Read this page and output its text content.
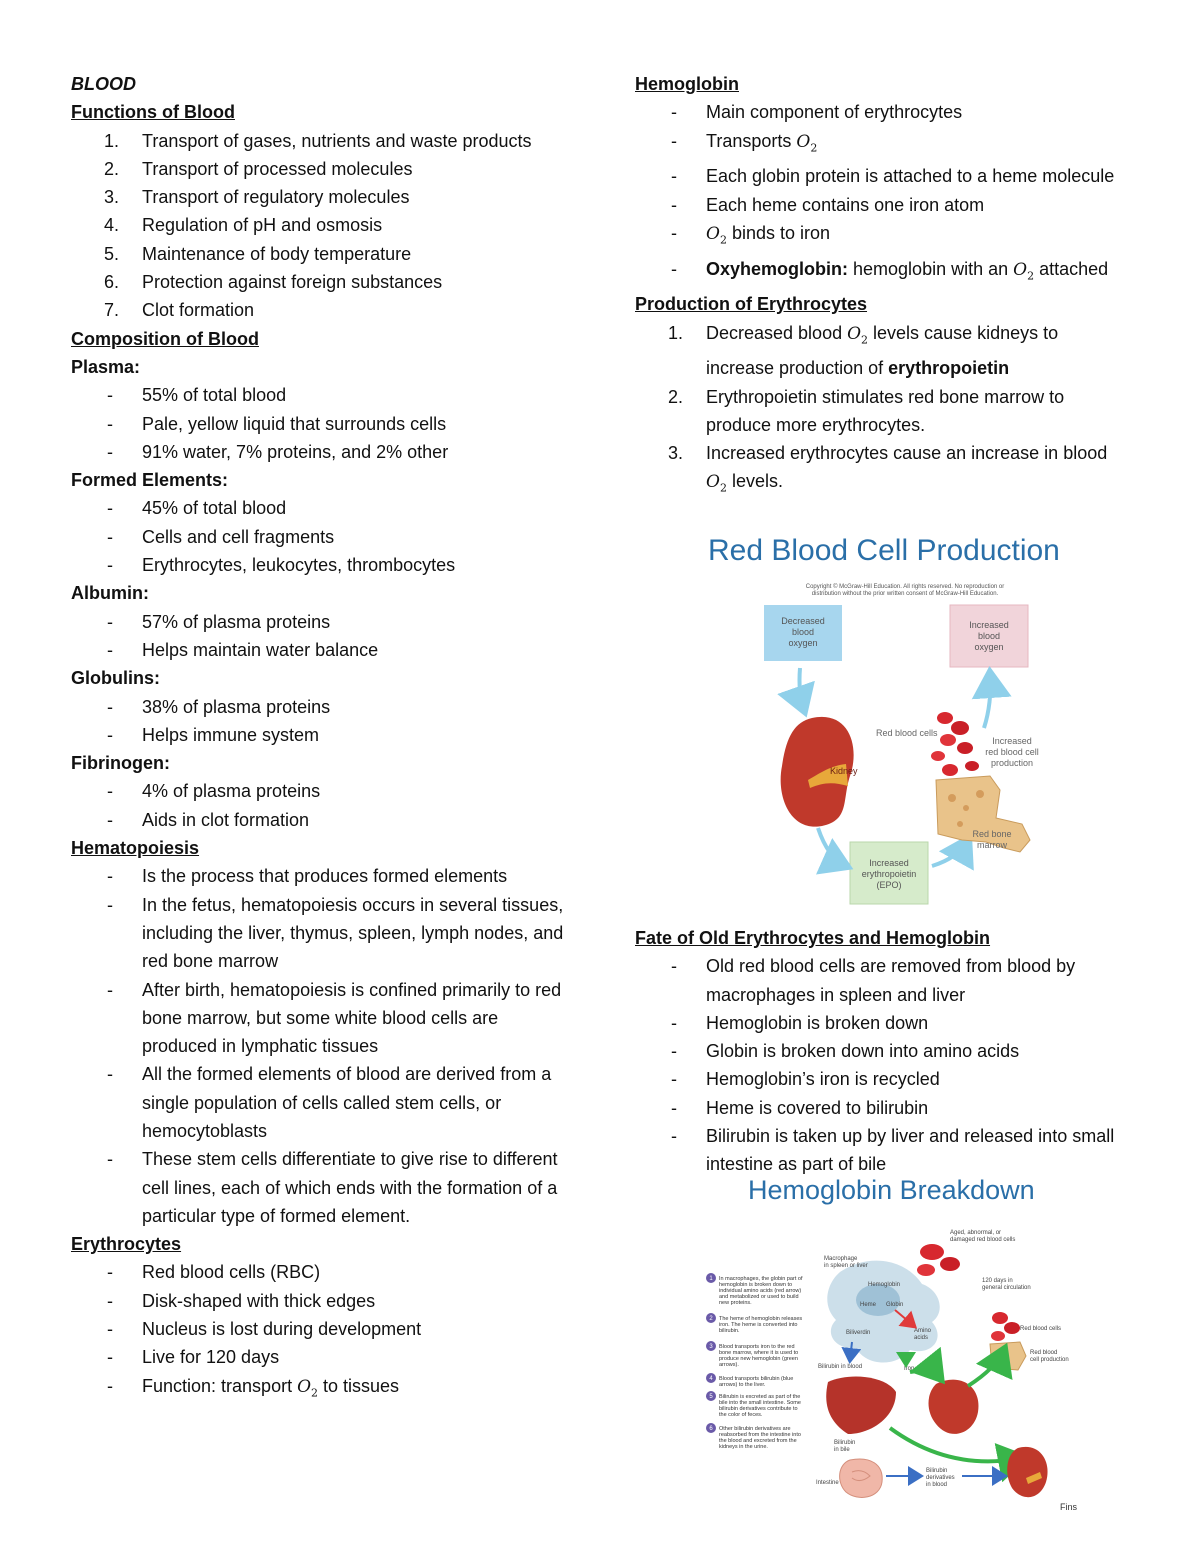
BLOOD
Functions of Blood
1. Transport of gases, nutrients and waste products
2. Transport of processed molecules
3. Transport of regulatory molecules
4. Regulation of pH and osmosis
5. Maintenance of body temperature
6. Protection against foreign substances
7. Clot formation
Composition of Blood
Plasma:
- 55% of total blood
- Pale, yellow liquid that surrounds cells
- 91% water, 7% proteins, and 2% other
Formed Elements:
- 45% of total blood
- Cells and cell fragments
- Erythrocytes, leukocytes, thrombocytes
Albumin:
- 57% of plasma proteins
- Helps maintain water balance
Globulins:
- 38% of plasma proteins
- Helps immune system
Fibrinogen:
- 4% of plasma proteins
- Aids in clot formation
Hematopoiesis
- Is the process that produces formed elements
- In the fetus, hematopoiesis occurs in several tissues, including the liver, thymus, spleen, lymph nodes, and red bone marrow
- After birth, hematopoiesis is confined primarily to red bone marrow, but some white blood cells are produced in lymphatic tissues
- All the formed elements of blood are derived from a single population of cells called stem cells, or hemocytoblasts
- These stem cells differentiate to give rise to different cell lines, each of which ends with the formation of a particular type of formed element.
Erythrocytes
- Red blood cells (RBC)
- Disk-shaped with thick edges
- Nucleus is lost during development
- Live for 120 days
- Function: transport $O_2$ to tissues
Hemoglobin
- Main component of erythrocytes
- Transports $O_2$
- Each globin protein is attached to a heme molecule
- Each heme contains one iron atom
- $O_2$ binds to iron
- Oxyhemoglobin: hemoglobin with an $O_2$ attached
Production of Erythrocytes
1. Decreased blood $O_2$ levels cause kidneys to increase production of erythropoietin
2. Erythropoietin stimulates red bone marrow to produce more erythrocytes.
3. Increased erythrocytes cause an increase in blood $O_2$ levels.
Red Blood Cell Production
Copyright © McGraw-Hill Education. All rights reserved. No reproduction or
distribution without the prior written consent of McGraw-Hill Education.
Decreased
blood
oxygen
Increased
blood
oxygen
Increased
erythropoietin
(EPO)
Kidney
Red blood cells
Increased
red blood cell
production
Red bone
marrow
Fate of Old Erythrocytes and Hemoglobin
- Old red blood cells are removed from blood by macrophages in spleen and liver
- Hemoglobin is broken down
- Globin is broken down into amino acids
- Hemoglobin’s iron is recycled
- Heme is covered to bilirubin
- Bilirubin is taken up by liver and released into small intestine as part of bile
Hemoglobin Breakdown
1 In macrophages, the globin part of
hemoglobin is broken down to
individual amino acids (red arrow)
and metabolized or used to build
new proteins.
2 The heme of hemoglobin releases
iron. The heme is converted into
bilirubin.
3 Blood transports iron to the red
bone marrow, where it is used to
produce new hemoglobin (green
arrows).
4 Blood transports bilirubin (blue
arrows) to the liver.
5 Bilirubin is excreted as part of the
bile into the small intestine. Some
bilirubin derivatives contribute to
the color of feces.
6 Other bilirubin derivatives are
reabsorbed from the intestine into
the blood and excreted from the
kidneys in the urine.
Aged, abnormal, or
damaged red blood cells
Macrophage
in spleen or liver
Hemoglobin
Heme Globin
Amino
acids
Biliverdin
120 days in
general circulation
Red blood cells
Red blood
cell production
Bilirubin in blood	Iron
Bilirubin
in bile
Intestine
Bilirubin
derivatives
in blood
Fins
